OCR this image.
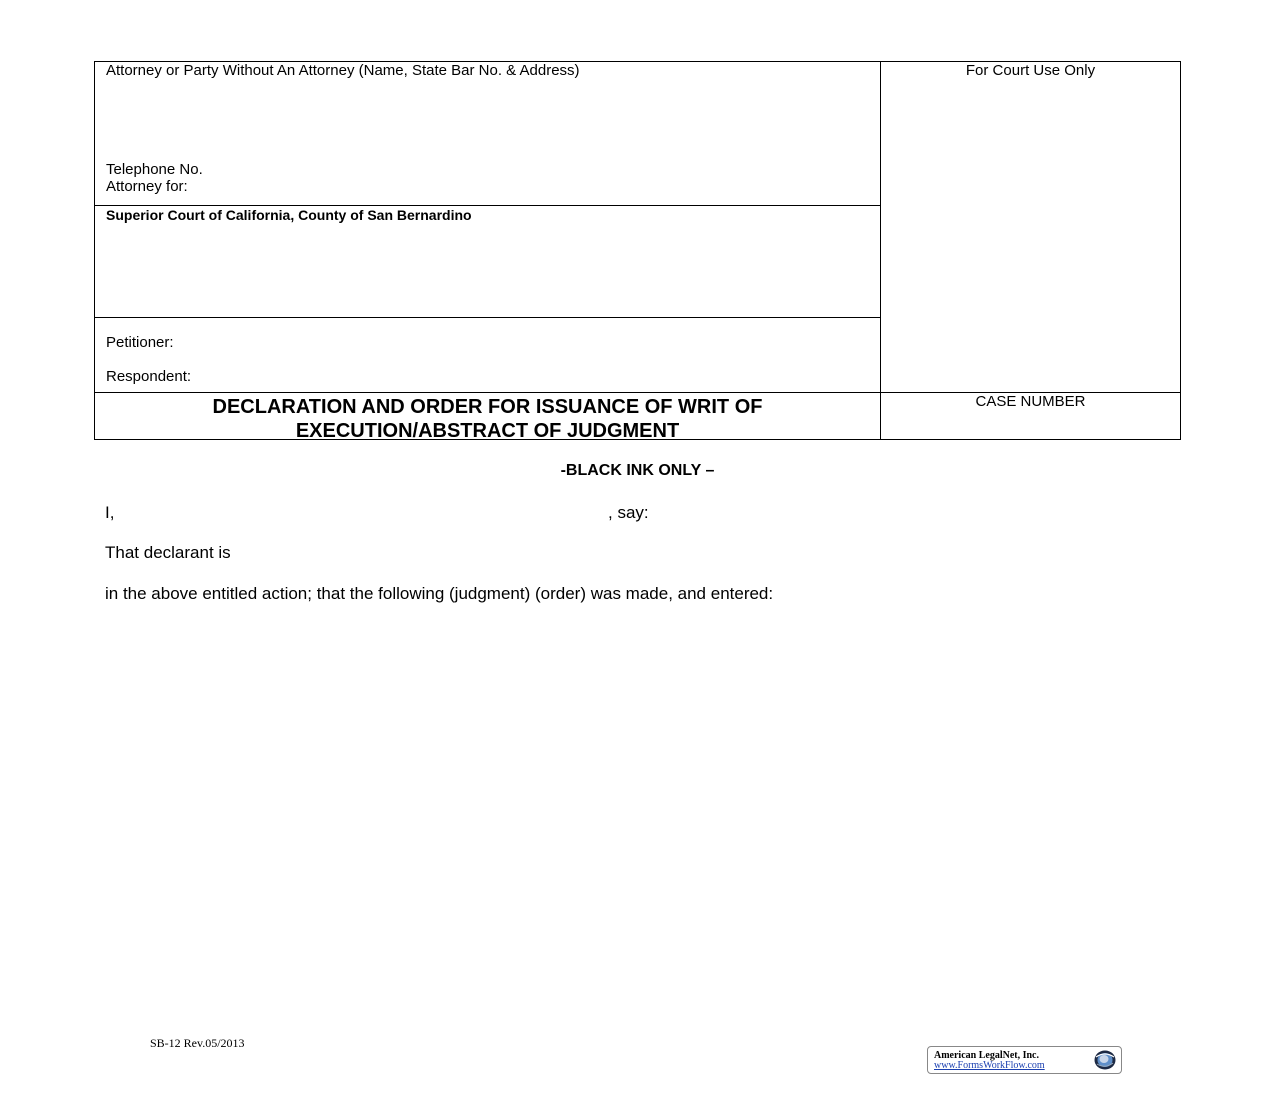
Attorney or Party Without An Attorney (Name, State Bar No. & Address)
Telephone No.
Attorney for:
Superior Court of California, County of San Bernardino
Petitioner:
Respondent:
DECLARATION AND ORDER FOR ISSUANCE OF WRIT OF
EXECUTION/ABSTRACT OF JUDGMENT
For Court Use Only
CASE NUMBER
-BLACK INK ONLY –
I,	, say:
That declarant is
in the above entitled action; that the following (judgment) (order) was made, and entered:
SB-12 Rev.05/2013
American LegalNet, Inc.
www.FormsWorkFlow.com
